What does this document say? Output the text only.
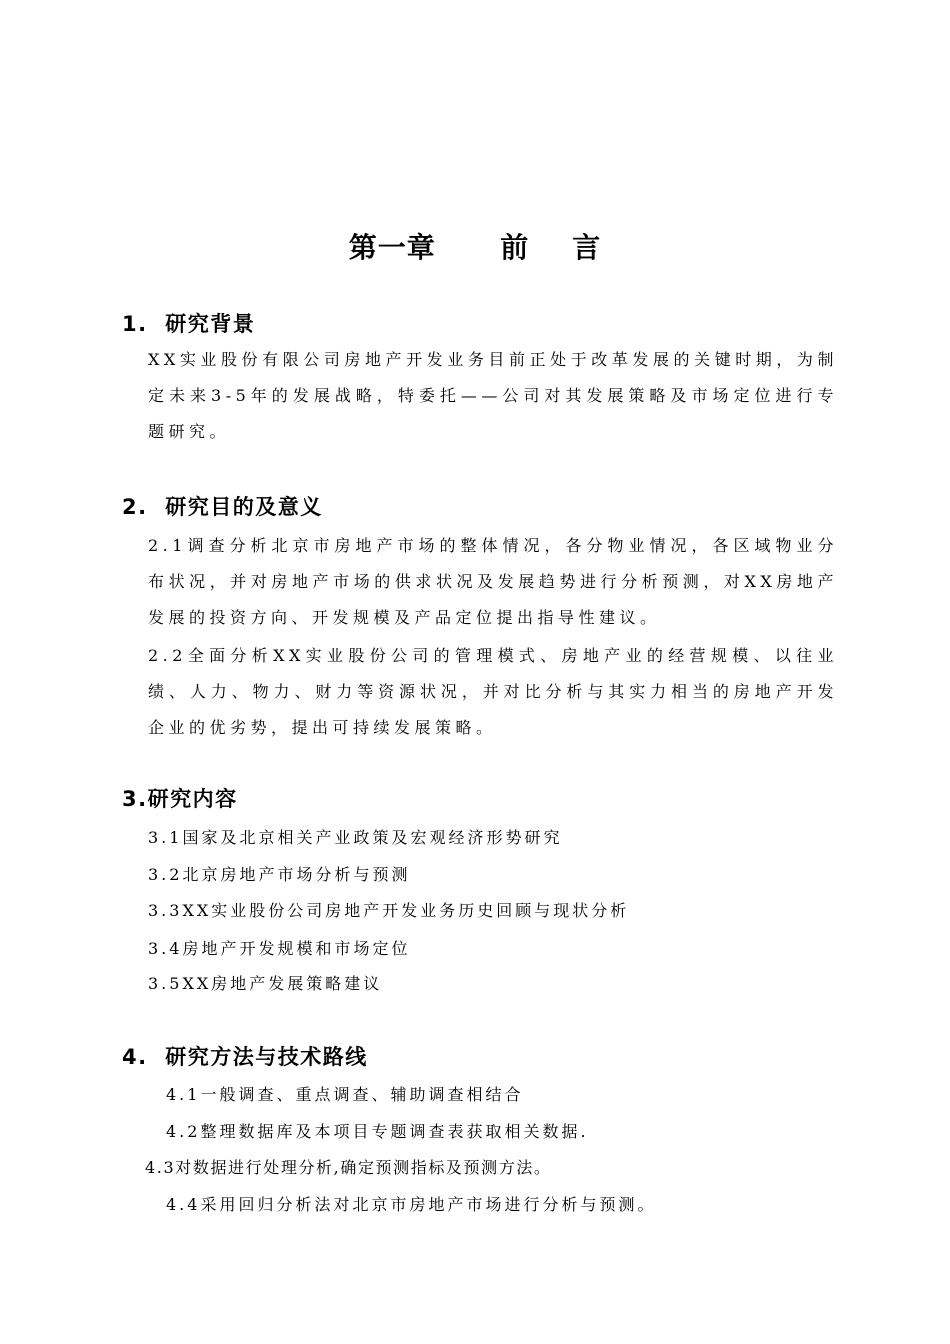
第一章      前    言
1.  研究背景

XX实业股份有限公司房地产开发业务目前正处于改革发展的关键时期，为制定未来3-5年的发展战略，特委托——公司对其发展策略及市场定位进行专题研究。

2.  研究目的及意义

2.1调查分析北京市房地产市场的整体情况，各分物业情况，各区域物业分布状况，并对房地产市场的供求状况及发展趋势进行分析预测，对XX房地产发展的投资方向、开发规模及产品定位提出指导性建议。

2.2全面分析XX实业股份公司的管理模式、房地产业的经营规模、以往业绩、人力、物力、财力等资源状况，并对比分析与其实力相当的房地产开发企业的优劣势，提出可持续发展策略。

3.研究内容

3.1国家及北京相关产业政策及宏观经济形势研究

3.2北京房地产市场分析与预测

3.3XX实业股份公司房地产开发业务历史回顾与现状分析

3.4房地产开发规模和市场定位

3.5XX房地产发展策略建议

4.  研究方法与技术路线

4.1一般调查、重点调查、辅助调查相结合

4.2整理数据库及本项目专题调查表获取相关数据.

4.3对数据进行处理分析,确定预测指标及预测方法。

4.4采用回归分析法对北京市房地产市场进行分析与预测。
